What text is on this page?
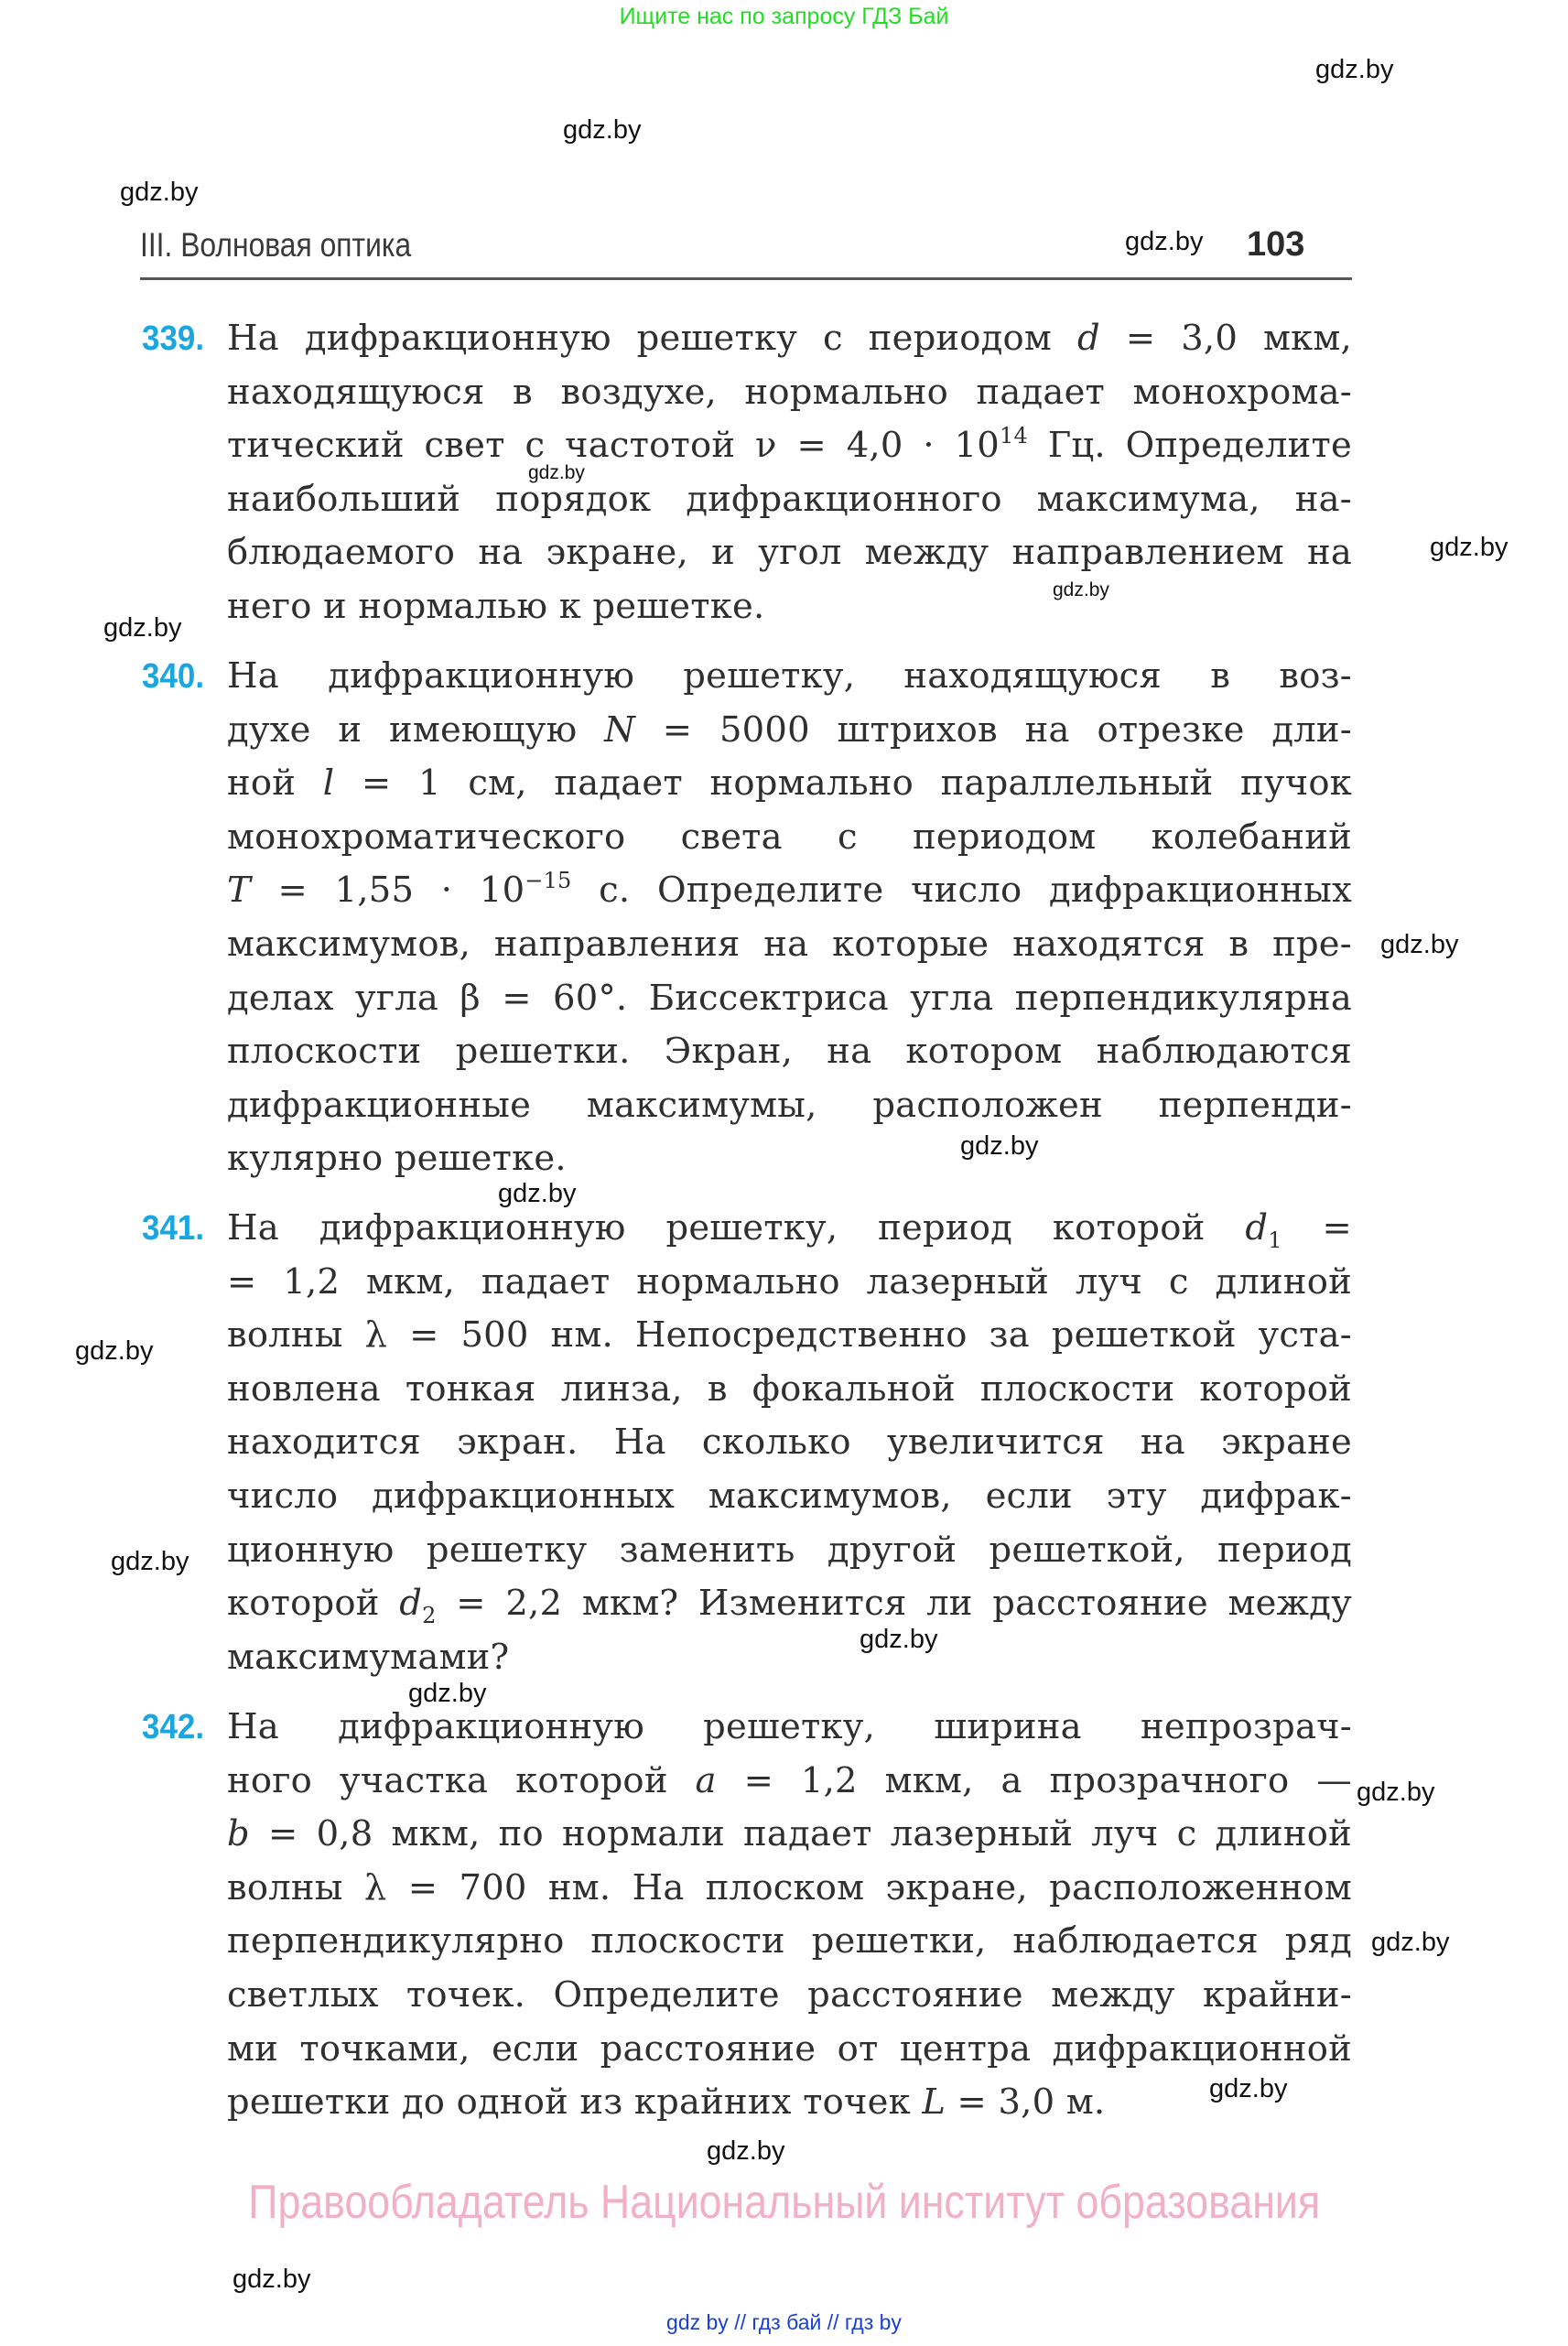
Ищите нас по запросу ГДЗ Бай
III. Волновая оптика	103
339. На дифракционную решетку с периодом d = 3,0 мкм,
находящуюся в воздухе, нормально падает монохрома-
тический свет с частотой $\nu = 4,0 \cdot 10^{14}$ Гц. Определите
наибольший порядок дифракционного максимума, на-
блюдаемого на экране, и угол между направлением на
него и нормалью к решетке.
340. На дифракционную решетку, находящуюся в воз-
духе и имеющую N = 5000 штрихов на отрезке дли-
ной l = 1 см, падает нормально параллельный пучок
монохроматического света с периодом колебаний
$T = 1,55 \cdot 10^{-15}$ с. Определите число дифракционных
максимумов, направления на которые находятся в пре-
делах угла β = 60°. Биссектриса угла перпендикулярна
плоскости решетки. Экран, на котором наблюдаются
дифракционные максимумы, расположен перпенди-
кулярно решетке.
341. На дифракционную решетку, период которой $d_1$ =
= 1,2 мкм, падает нормально лазерный луч с длиной
волны λ = 500 нм. Непосредственно за решеткой уста-
новлена тонкая линза, в фокальной плоскости которой
находится экран. На сколько увеличится на экране
число дифракционных максимумов, если эту дифрак-
ционную решетку заменить другой решеткой, период
которой $d_2 = 2,2$ мкм? Изменится ли расстояние между
максимумами?
342. На дифракционную решетку, ширина непрозрач-
ного участка которой a = 1,2 мкм, а прозрачного —
b = 0,8 мкм, по нормали падает лазерный луч с длиной
волны λ = 700 нм. На плоском экране, расположенном
перпендикулярно плоскости решетки, наблюдается ряд
светлых точек. Определите расстояние между крайни-
ми точками, если расстояние от центра дифракционной
решетки до одной из крайних точек L = 3,0 м.
gdz.by
gdz.by
gdz.by
gdz.by
gdz.by
gdz.by
gdz.by
gdz.by
gdz.by
gdz.by
gdz.by
gdz.by
gdz.by
gdz.by
gdz.by
gdz.by
gdz.by
gdz.by
gdz.by
gdz.by
Правообладатель Национальный институт образования
gdz by // гдз бай // гдз by
